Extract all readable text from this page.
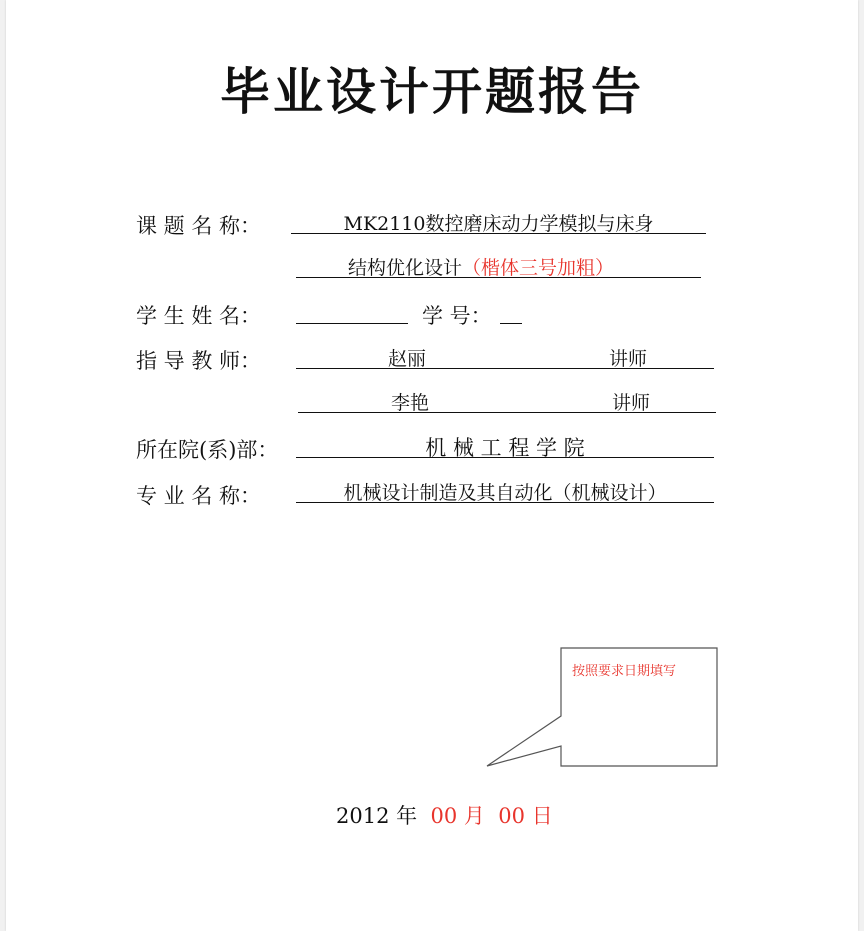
毕业设计开题报告
课 题 名 称：	MK2110数控磨床动力学模拟与床身
结构优化设计（楷体三号加粗）
学 生 姓 名：	学 号：
指 导 教 师：	赵丽	讲师
李艳	讲师
所在院(系)部：	机 械 工 程 学 院
专 业 名 称：	机械设计制造及其自动化（机械设计）
按照要求日期填写
2012 年 00 月 00 日
